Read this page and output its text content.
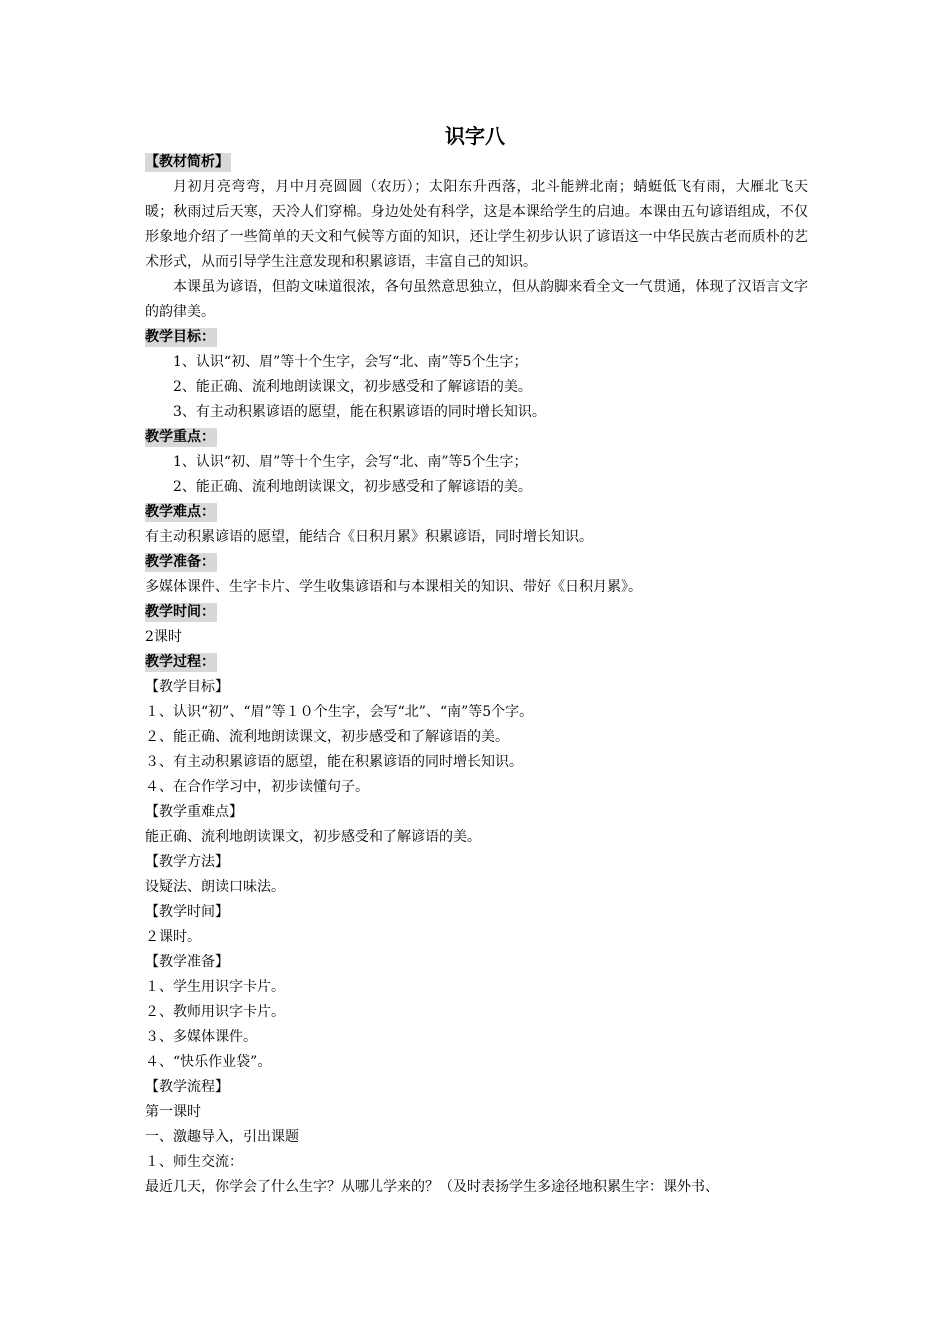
识字八
【教材简析】

月初月亮弯弯，月中月亮圆圆（农历）；太阳东升西落，北斗能辨北南；蜻蜓低飞有雨，大雁北飞天暖；秋雨过后天寒，天冷人们穿棉。身边处处有科学，这是本课给学生的启迪。本课由五句谚语组成，不仅形象地介绍了一些简单的天文和气候等方面的知识，还让学生初步认识了谚语这一中华民族古老而质朴的艺术形式，从而引导学生注意发现和积累谚语，丰富自己的知识。

本课虽为谚语，但韵文味道很浓，各句虽然意思独立，但从韵脚来看全文一气贯通，体现了汉语言文字的韵律美。

教学目标：
1、认识“初、眉”等十个生字，会写“北、南”等5个生字；
2、能正确、流利地朗读课文，初步感受和了解谚语的美。
3、有主动积累谚语的愿望，能在积累谚语的同时增长知识。
教学重点：
1、认识“初、眉”等十个生字，会写“北、南”等5个生字；
2、能正确、流利地朗读课文，初步感受和了解谚语的美。
教学难点：
有主动积累谚语的愿望，能结合《日积月累》积累谚语，同时增长知识。
教学准备：
多媒体课件、生字卡片、学生收集谚语和与本课相关的知识、带好《日积月累》。
教学时间：
2课时
教学过程：
【教学目标】
１、认识“初”、“眉”等１０个生字，会写“北”、“南”等5个字。
２、能正确、流利地朗读课文，初步感受和了解谚语的美。
３、有主动积累谚语的愿望，能在积累谚语的同时增长知识。
４、在合作学习中，初步读懂句子。
【教学重难点】
能正确、流利地朗读课文，初步感受和了解谚语的美。
【教学方法】
设疑法、朗读口味法。
【教学时间】
２课时。
【教学准备】
１、学生用识字卡片。
２、教师用识字卡片。
３、多媒体课件。
４、“快乐作业袋”。
【教学流程】
第一课时
一、激趣导入，引出课题
１、师生交流：
最近几天，你学会了什么生字？从哪儿学来的？（及时表扬学生多途径地积累生字：课外书、
